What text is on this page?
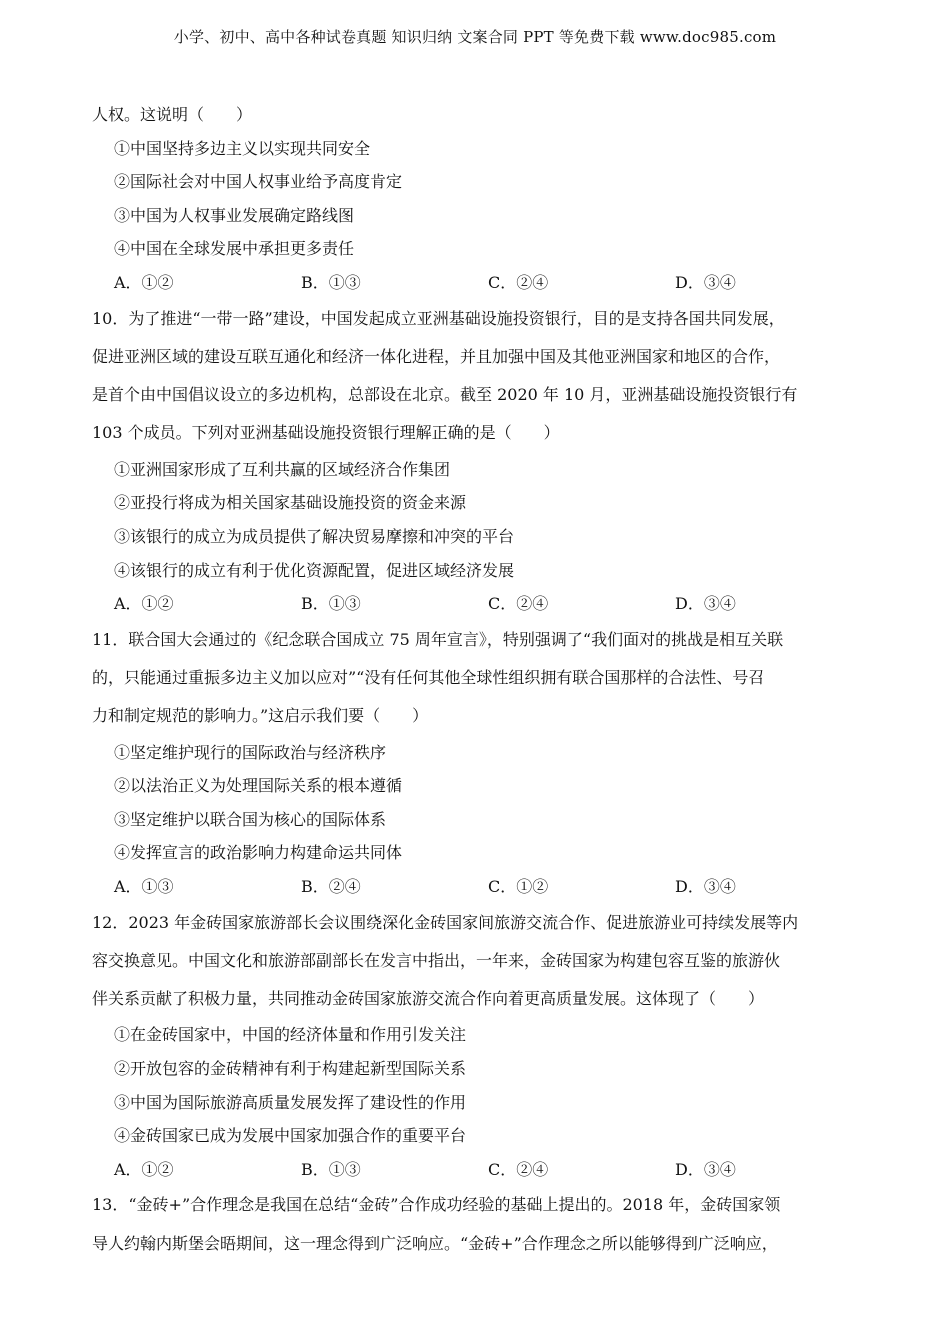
小学、初中、高中各种试卷真题 知识归纳 文案合同 PPT 等免费下载 www.doc985.com
人权。这说明（　　）
①中国坚持多边主义以实现共同安全
②国际社会对中国人权事业给予高度肯定
③中国为人权事业发展确定路线图
④中国在全球发展中承担更多责任
A．①②	B．①③	C．②④	D．③④
10．为了推进“一带一路”建设，中国发起成立亚洲基础设施投资银行，目的是支持各国共同发展，
促进亚洲区域的建设互联互通化和经济一体化进程，并且加强中国及其他亚洲国家和地区的合作，
是首个由中国倡议设立的多边机构，总部设在北京。截至 2020 年 10 月，亚洲基础设施投资银行有
103 个成员。下列对亚洲基础设施投资银行理解正确的是（　　）
①亚洲国家形成了互利共赢的区域经济合作集团
②亚投行将成为相关国家基础设施投资的资金来源
③该银行的成立为成员提供了解决贸易摩擦和冲突的平台
④该银行的成立有利于优化资源配置，促进区域经济发展
A．①②	B．①③	C．②④	D．③④
11．联合国大会通过的《纪念联合国成立 75 周年宣言》，特别强调了“我们面对的挑战是相互关联
的，只能通过重振多边主义加以应对”“没有任何其他全球性组织拥有联合国那样的合法性、号召
力和制定规范的影响力。”这启示我们要（　　）
①坚定维护现行的国际政治与经济秩序
②以法治正义为处理国际关系的根本遵循
③坚定维护以联合国为核心的国际体系
④发挥宣言的政治影响力构建命运共同体
A．①③	B．②④	C．①②	D．③④
12．2023 年金砖国家旅游部长会议围绕深化金砖国家间旅游交流合作、促进旅游业可持续发展等内
容交换意见。中国文化和旅游部副部长在发言中指出，一年来，金砖国家为构建包容互鉴的旅游伙
伴关系贡献了积极力量，共同推动金砖国家旅游交流合作向着更高质量发展。这体现了（　　）
①在金砖国家中，中国的经济体量和作用引发关注
②开放包容的金砖精神有利于构建起新型国际关系
③中国为国际旅游高质量发展发挥了建设性的作用
④金砖国家已成为发展中国家加强合作的重要平台
A．①②	B．①③	C．②④	D．③④
13．“金砖+”合作理念是我国在总结“金砖”合作成功经验的基础上提出的。2018 年，金砖国家领
导人约翰内斯堡会晤期间，这一理念得到广泛响应。“金砖+”合作理念之所以能够得到广泛响应，
